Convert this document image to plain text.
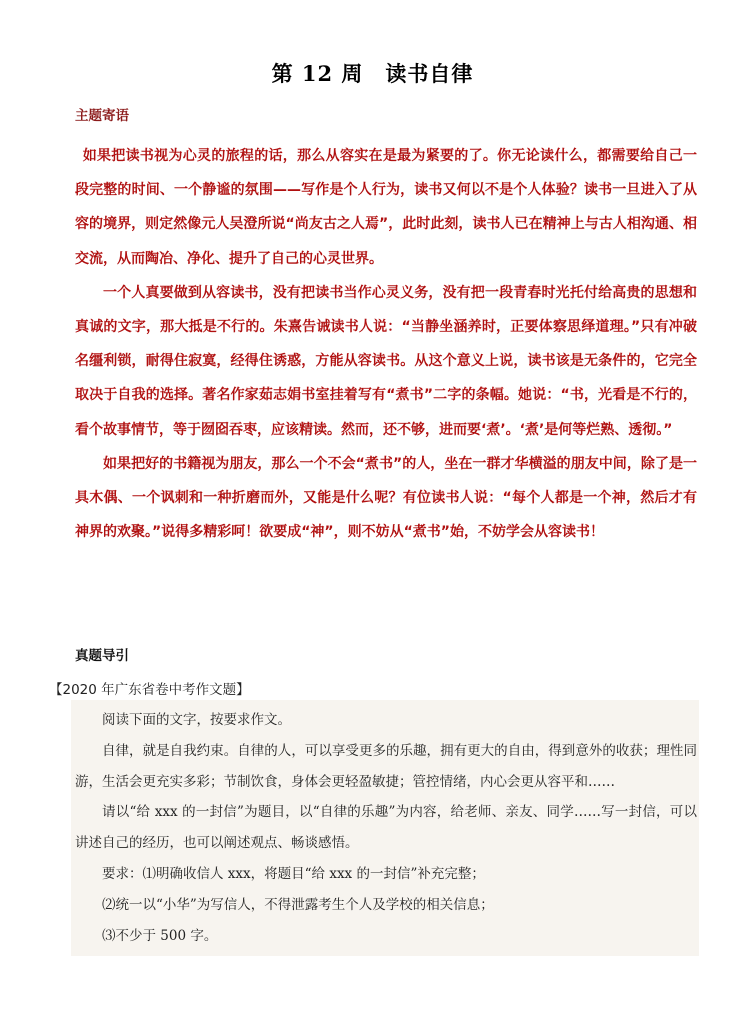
第 12 周　读书自律
主题寄语

如果把读书视为心灵的旅程的话，那么从容实在是最为紧要的了。你无论读什么，都需要给自己一段完整的时间、一个静谧的氛围——写作是个人行为，读书又何以不是个人体验？读书一旦进入了从容的境界，则定然像元人吴澄所说“尚友古之人焉”，此时此刻，读书人已在精神上与古人相沟通、相交流，从而陶冶、净化、提升了自己的心灵世界。

一个人真要做到从容读书，没有把读书当作心灵义务，没有把一段青春时光托付给高贵的思想和真诚的文字，那大抵是不行的。朱熹告诫读书人说：“当静坐涵养时，正要体察思绎道理。”只有冲破名缰利锁，耐得住寂寞，经得住诱惑，方能从容读书。从这个意义上说，读书该是无条件的，它完全取决于自我的选择。著名作家茹志娟书室挂着写有“煮书”二字的条幅。她说：“书，光看是不行的，看个故事情节，等于囫囵吞枣，应该精读。然而，还不够，进而要‘煮’。‘煮’是何等烂熟、透彻。”

如果把好的书籍视为朋友，那么一个不会“煮书”的人，坐在一群才华横溢的朋友中间，除了是一具木偶、一个讽刺和一种折磨而外，又能是什么呢？有位读书人说：“每个人都是一个神，然后才有神界的欢聚。”说得多精彩呵！欲要成“神”，则不妨从“煮书”始，不妨学会从容读书！

真题导引
【2020 年广东省卷中考作文题】

阅读下面的文字，按要求作文。

自律，就是自我约束。自律的人，可以享受更多的乐趣，拥有更大的自由，得到意外的收获；理性同游，生活会更充实多彩；节制饮食，身体会更轻盈敏捷；管控情绪，内心会更从容平和……

请以“给 xxx 的一封信”为题目，以“自律的乐趣”为内容，给老师、亲友、同学……写一封信，可以讲述自己的经历，也可以阐述观点、畅谈感悟。

要求：⑴明确收信人 xxx，将题目“给 xxx 的一封信”补充完整；

⑵统一以“小华”为写信人，不得泄露考生个人及学校的相关信息；

⑶不少于 500 字。
